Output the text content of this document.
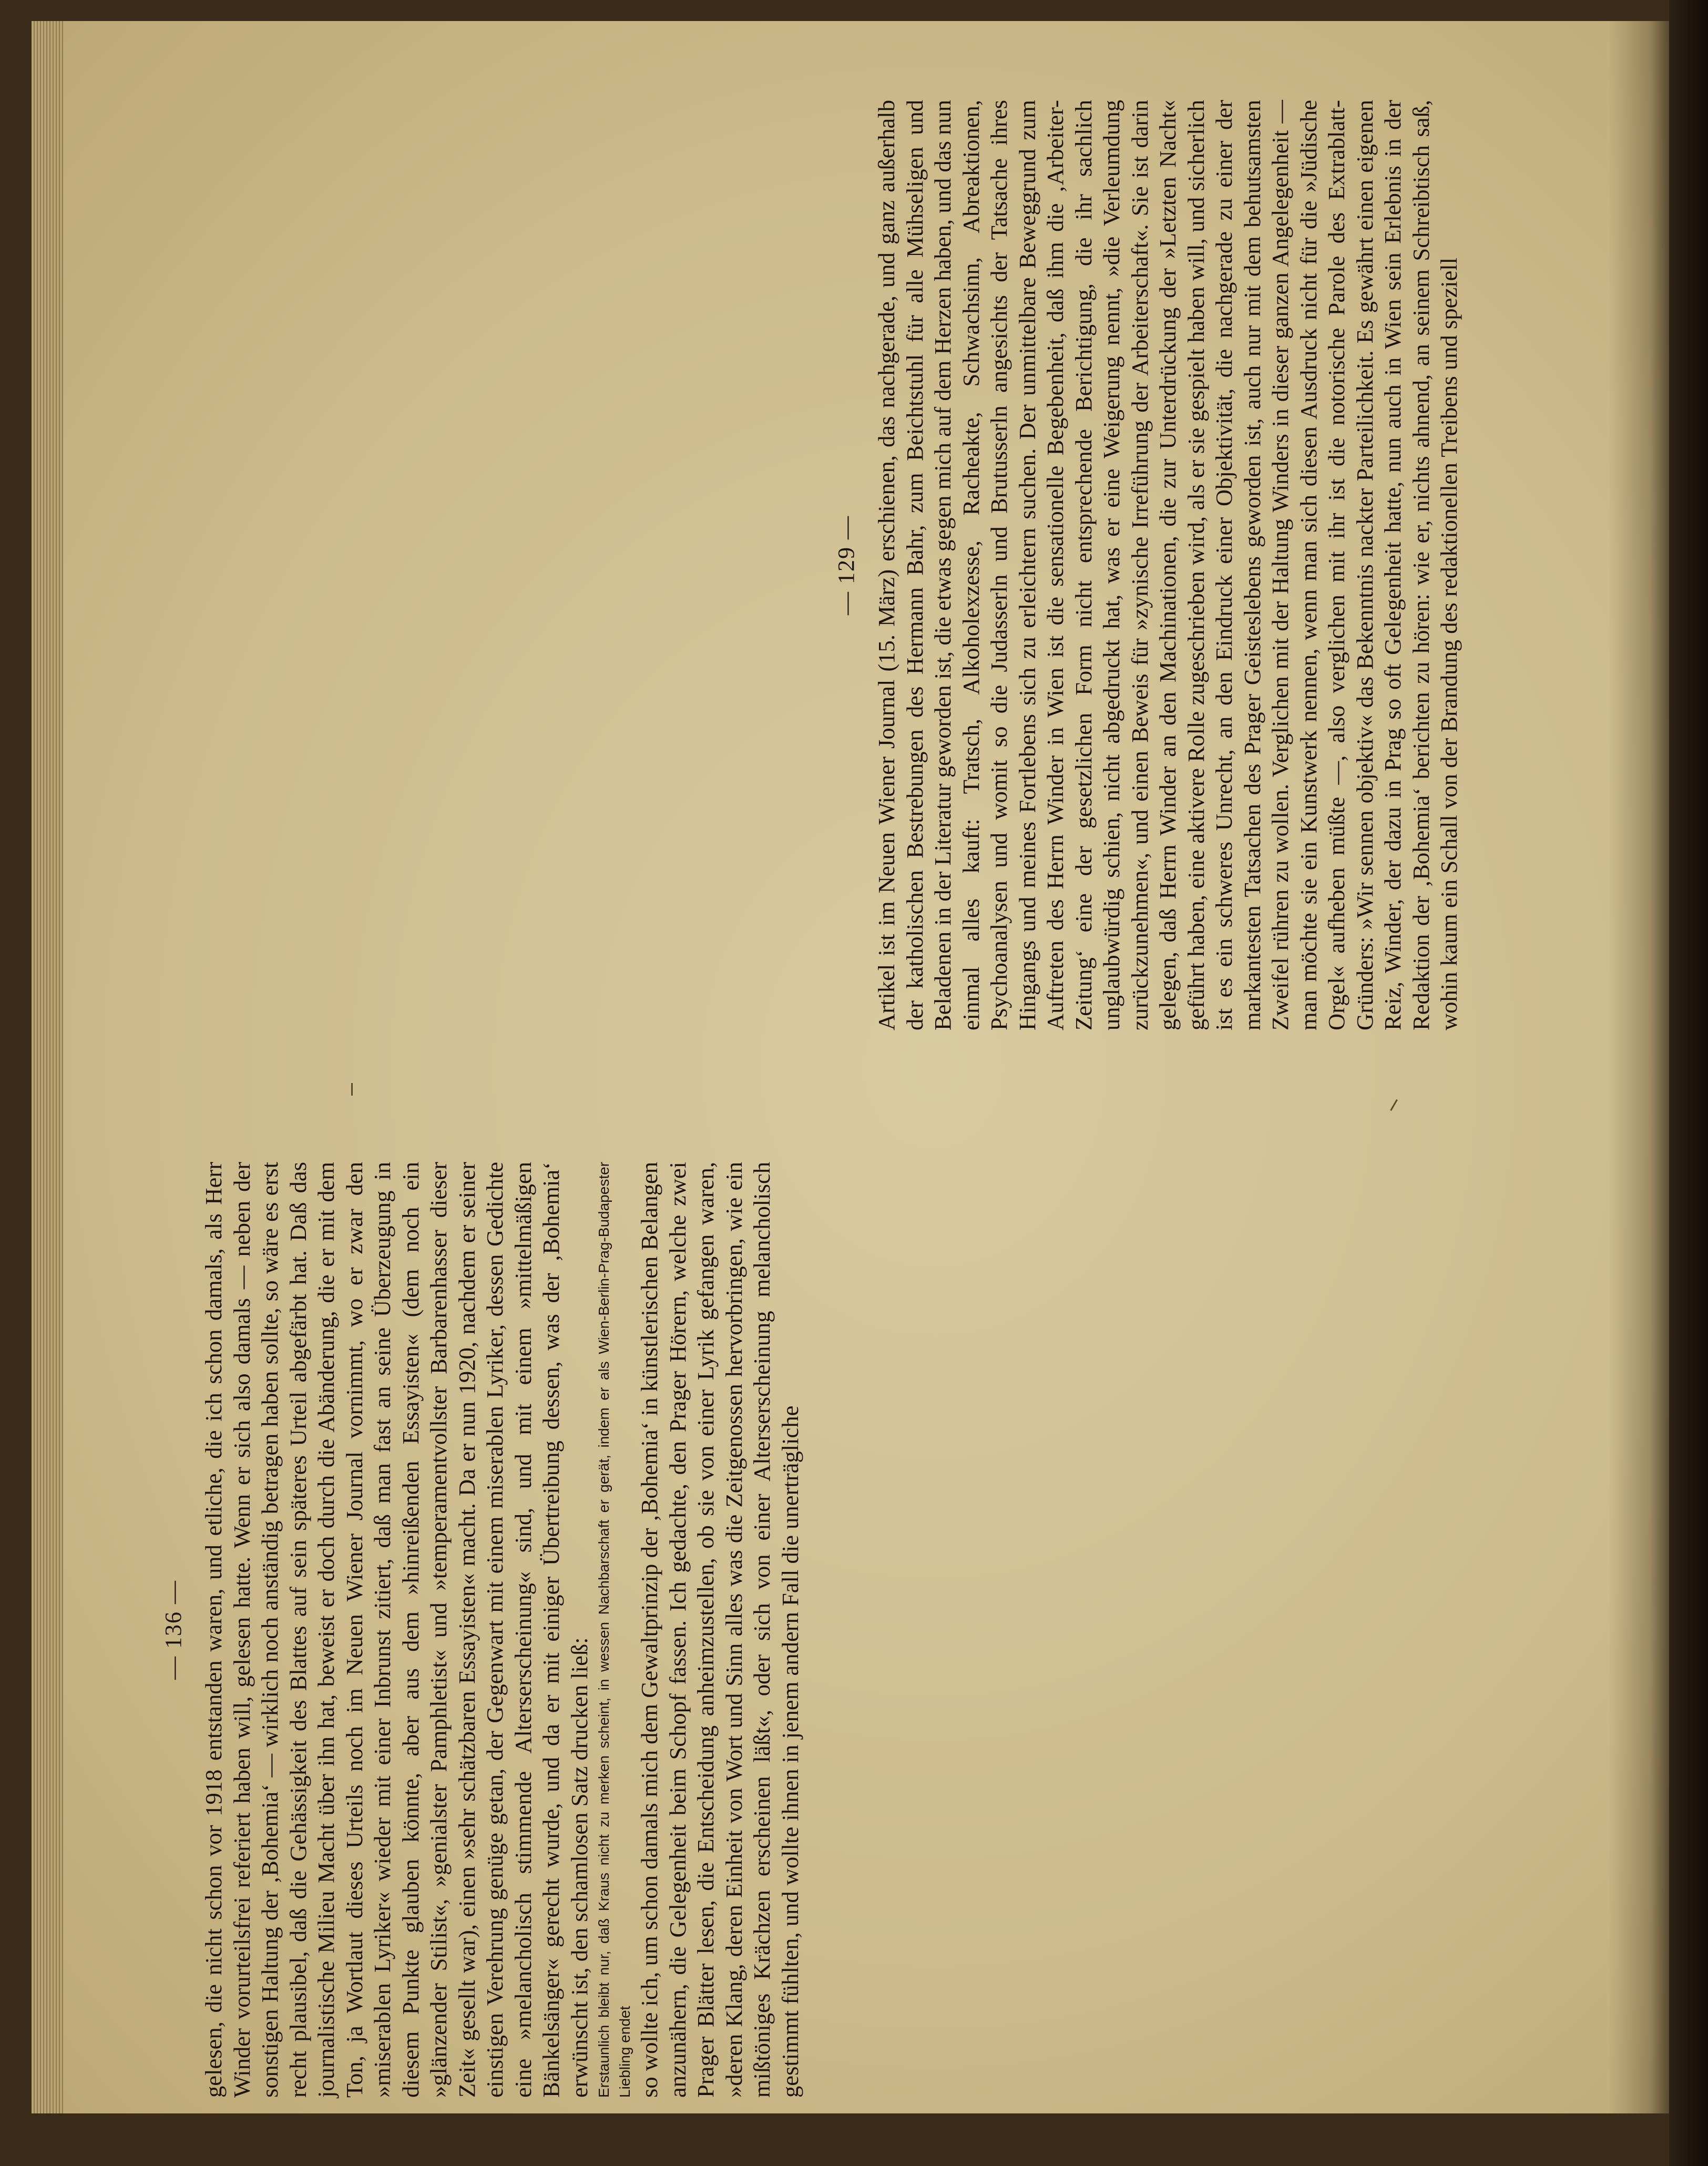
— 136 — gelesen, die nicht schon vor 1918 entstanden waren, und etliche, die ich schon damals, als Herr Winder vorurteilsfrei referiert haben will, gelesen hatte. Wenn er sich also damals — neben der sonstigen Haltung der ‚Bohemia‘ — wirklich noch anständig betragen haben sollte, so wäre es erst recht plausibel, daß die Gehässigkeit des Blattes auf sein späteres Urteil abgefärbt hat. Daß das journalistische Milieu Macht über ihn hat, beweist er doch durch die Abänderung, die er mit dem Ton, ja Wortlaut dieses Urteils noch im Neuen Wiener Journal vornimmt, wo er zwar den »miserablen Lyriker« wieder mit einer Inbrunst zitiert, daß man fast an seine Überzeugung in diesem Punkte glauben könnte, aber aus dem »hinreißenden Essayisten« (dem noch ein »glänzender Stilist«, »genialster Pamphletist« und »temperamentvollster Barbarenhasser dieser Zeit« gesellt war), einen »sehr schätzbaren Essayisten« macht. Da er nun 1920, nachdem er seiner einstigen Verehrung genüge getan, der Gegenwart mit einem miserablen Lyriker, dessen Gedichte eine »melancholisch stimmende Alterserscheinung« sind, und mit einem »mittelmäßigen Bänkelsänger« gerecht wurde, und da er mit einiger Übertreibung dessen, was der ‚Bohemia‘ erwünscht ist, den schamlosen Satz drucken ließ: Erstaunlich bleibt nur, daß Kraus nicht zu merken scheint, in wessen Nachbarschaft er gerät, indem er als Wien-Berlin-Prag-Budapester Liebling endet so wollte ich, um schon damals mich dem Gewaltprinzip der ‚Bohemia‘ in künstlerischen Belangen anzunähern, die Gelegenheit beim Schopf fassen. Ich gedachte, den Prager Hörern, welche zwei Prager Blätter lesen, die Entscheidung anheimzustellen, ob sie von einer Lyrik gefangen waren, »deren Klang, deren Einheit von Wort und Sinn alles was die Zeitgenossen hervorbringen, wie ein mißtöniges Krächzen erscheinen läßt«, oder sich von einer Alterserscheinung melancholisch gestimmt fühlten, und wollte ihnen in jenem andern Fall die unerträgliche

— 129 — Artikel ist im Neuen Wiener Journal (15. März) erschienen, das nachgerade, und ganz außerhalb der katholischen Bestrebungen des Hermann Bahr, zum Beichtstuhl für alle Mühseligen und Beladenen in der Literatur geworden ist, die etwas gegen mich auf dem Herzen haben, und das nun einmal alles kauft: Tratsch, Alkoholexzesse, Racheakte, Schwachsinn, Abreaktionen, Psychoanalysen und womit so die Judasserln und Brutusserln angesichts der Tatsache ihres Hingangs und meines Fortlebens sich zu erleichtern suchen. Der unmittelbare Beweggrund zum Auftreten des Herrn Winder in Wien ist die sensationelle Begebenheit, daß ihm die ‚Arbeiter-Zeitung‘ eine der gesetzlichen Form nicht entsprechende Berichtigung, die ihr sachlich unglaubwürdig schien, nicht abgedruckt hat, was er eine Weigerung nennt, »die Verleumdung zurückzunehmen«, und einen Beweis für »zynische Irreführung der Arbeiterschaft«. Sie ist darin gelegen, daß Herrn Winder an den Machinationen, die zur Unterdrückung der »Letzten Nacht« geführt haben, eine aktivere Rolle zugeschrieben wird, als er sie gespielt haben will, und sicherlich ist es ein schweres Unrecht, an den Eindruck einer Objektivität, die nachgerade zu einer der markantesten Tatsachen des Prager Geisteslebens geworden ist, auch nur mit dem behutsamsten Zweifel rühren zu wollen. Verglichen mit der Haltung Winders in dieser ganzen Angelegenheit — man möchte sie ein Kunstwerk nennen, wenn man sich diesen Ausdruck nicht für die »Jüdische Orgel« aufheben müßte —, also verglichen mit ihr ist die notorische Parole des Extrablatt-Gründers: »Wir sennen objektiv« das Bekenntnis nackter Parteilichkeit. Es gewährt einen eigenen Reiz, Winder, der dazu in Prag so oft Gelegenheit hatte, nun auch in Wien sein Erlebnis in der Redaktion der ‚Bohemia‘ berichten zu hören: wie er, nichts ahnend, an seinem Schreibtisch saß, wohin kaum ein Schall von der Brandung des redaktionellen Treibens und speziell
